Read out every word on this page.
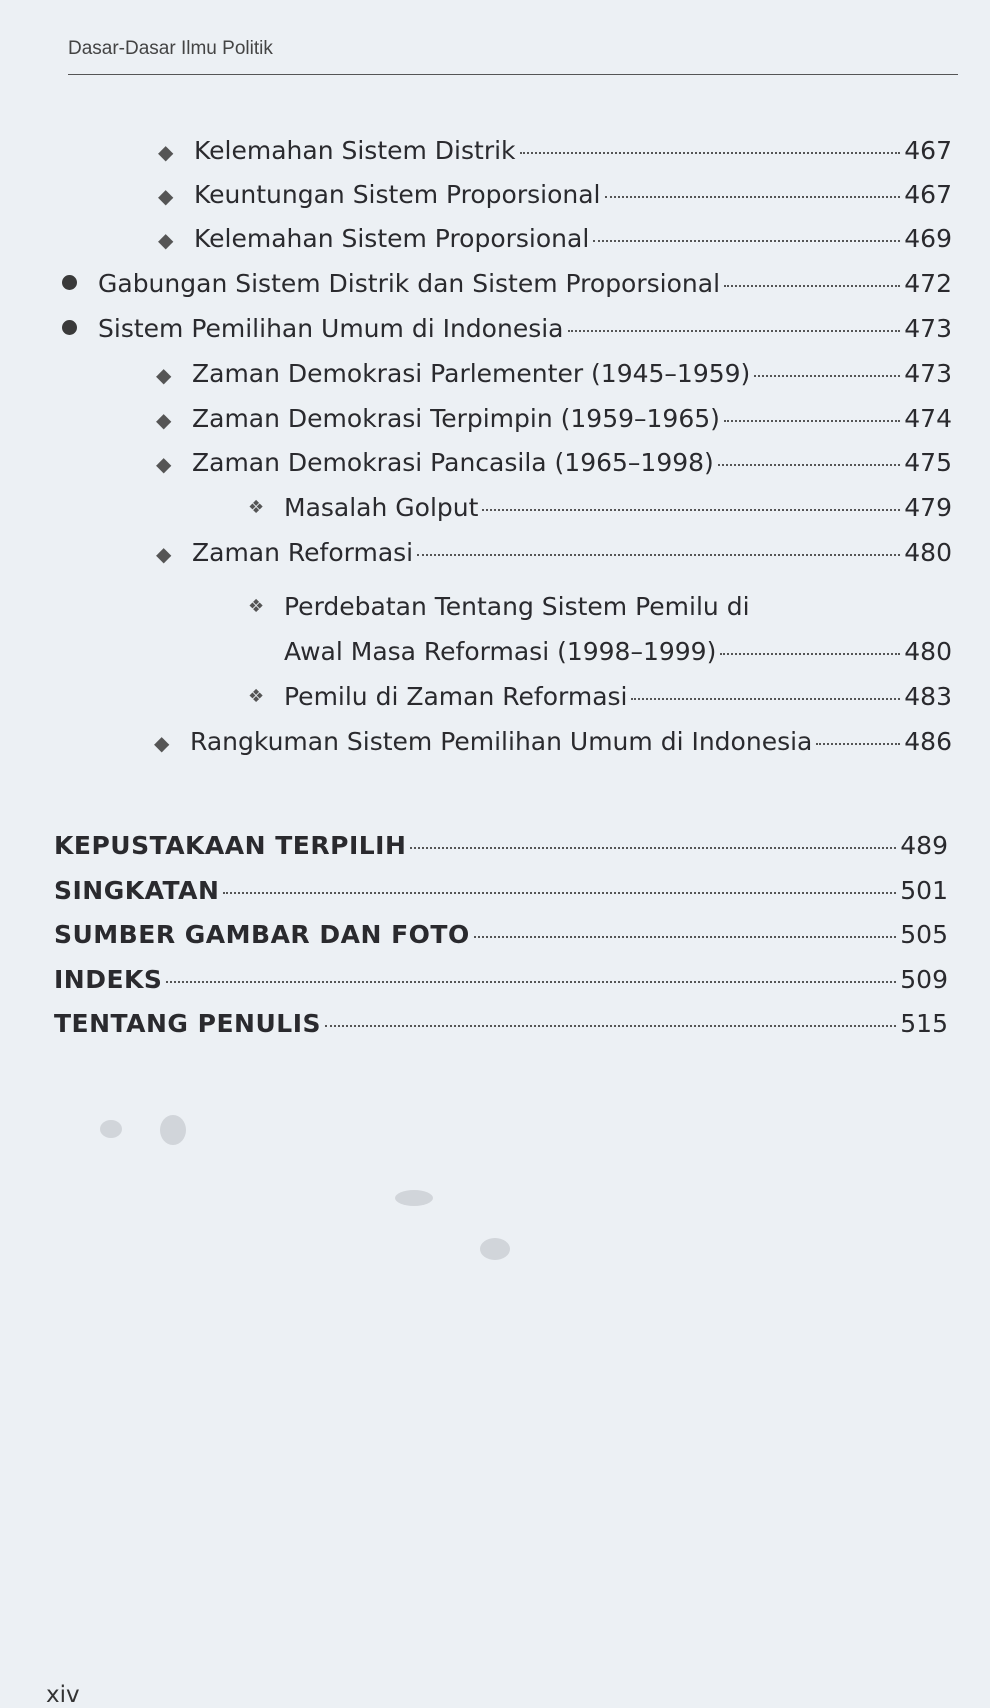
Dasar-Dasar Ilmu Politik
◆ Kelemahan Sistem Distrik	467
◆ Keuntungan Sistem Proporsional	467
◆ Kelemahan Sistem Proporsional	469
Gabungan Sistem Distrik dan Sistem Proporsional	472
Sistem Pemilihan Umum di Indonesia	473
◆ Zaman Demokrasi Parlementer (1945–1959)	473
◆ Zaman Demokrasi Terpimpin (1959–1965)	474
◆ Zaman Demokrasi Pancasila (1965–1998)	475
❖ Masalah Golput	479
◆ Zaman Reformasi	480
❖ Perdebatan Tentang Sistem Pemilu di
Awal Masa Reformasi (1998–1999)	480
❖ Pemilu di Zaman Reformasi	483
◆ Rangkuman Sistem Pemilihan Umum di Indonesia	486
KEPUSTAKAAN TERPILIH	489
SINGKATAN	501
SUMBER GAMBAR DAN FOTO	505
INDEKS	509
TENTANG PENULIS	515
xiv
